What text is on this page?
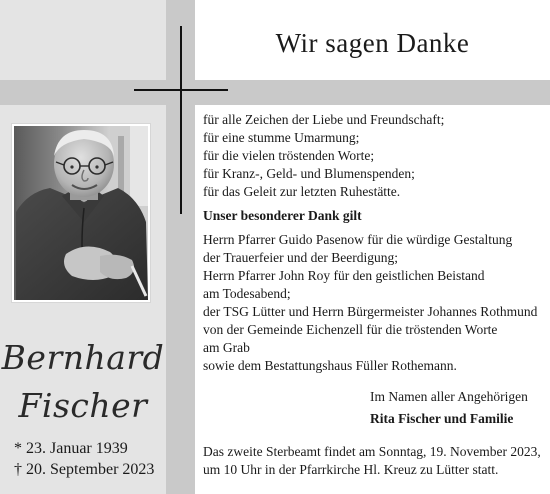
Wir sagen Danke
Bernhard
Fischer
* 23. Januar 1939
† 20. September 2023
für alle Zeichen der Liebe und Freundschaft;
für eine stumme Umarmung;
für die vielen tröstenden Worte;
für Kranz-, Geld- und Blumenspenden;
für das Geleit zur letzten Ruhestätte.
Unser besonderer Dank gilt
Herrn Pfarrer Guido Pasenow für die würdige Gestaltung
der Trauerfeier und der Beerdigung;
Herrn Pfarrer John Roy für den geistlichen Beistand
am Todesabend;
der TSG Lütter und Herrn Bürgermeister Johannes Rothmund
von der Gemeinde Eichenzell für die tröstenden Worte
am Grab
sowie dem Bestattungshaus Füller Rothemann.
Im Namen aller Angehörigen
Rita Fischer und Familie
Das zweite Sterbeamt findet am Sonntag, 19. November 2023,
um 10 Uhr in der Pfarrkirche Hl. Kreuz zu Lütter statt.
